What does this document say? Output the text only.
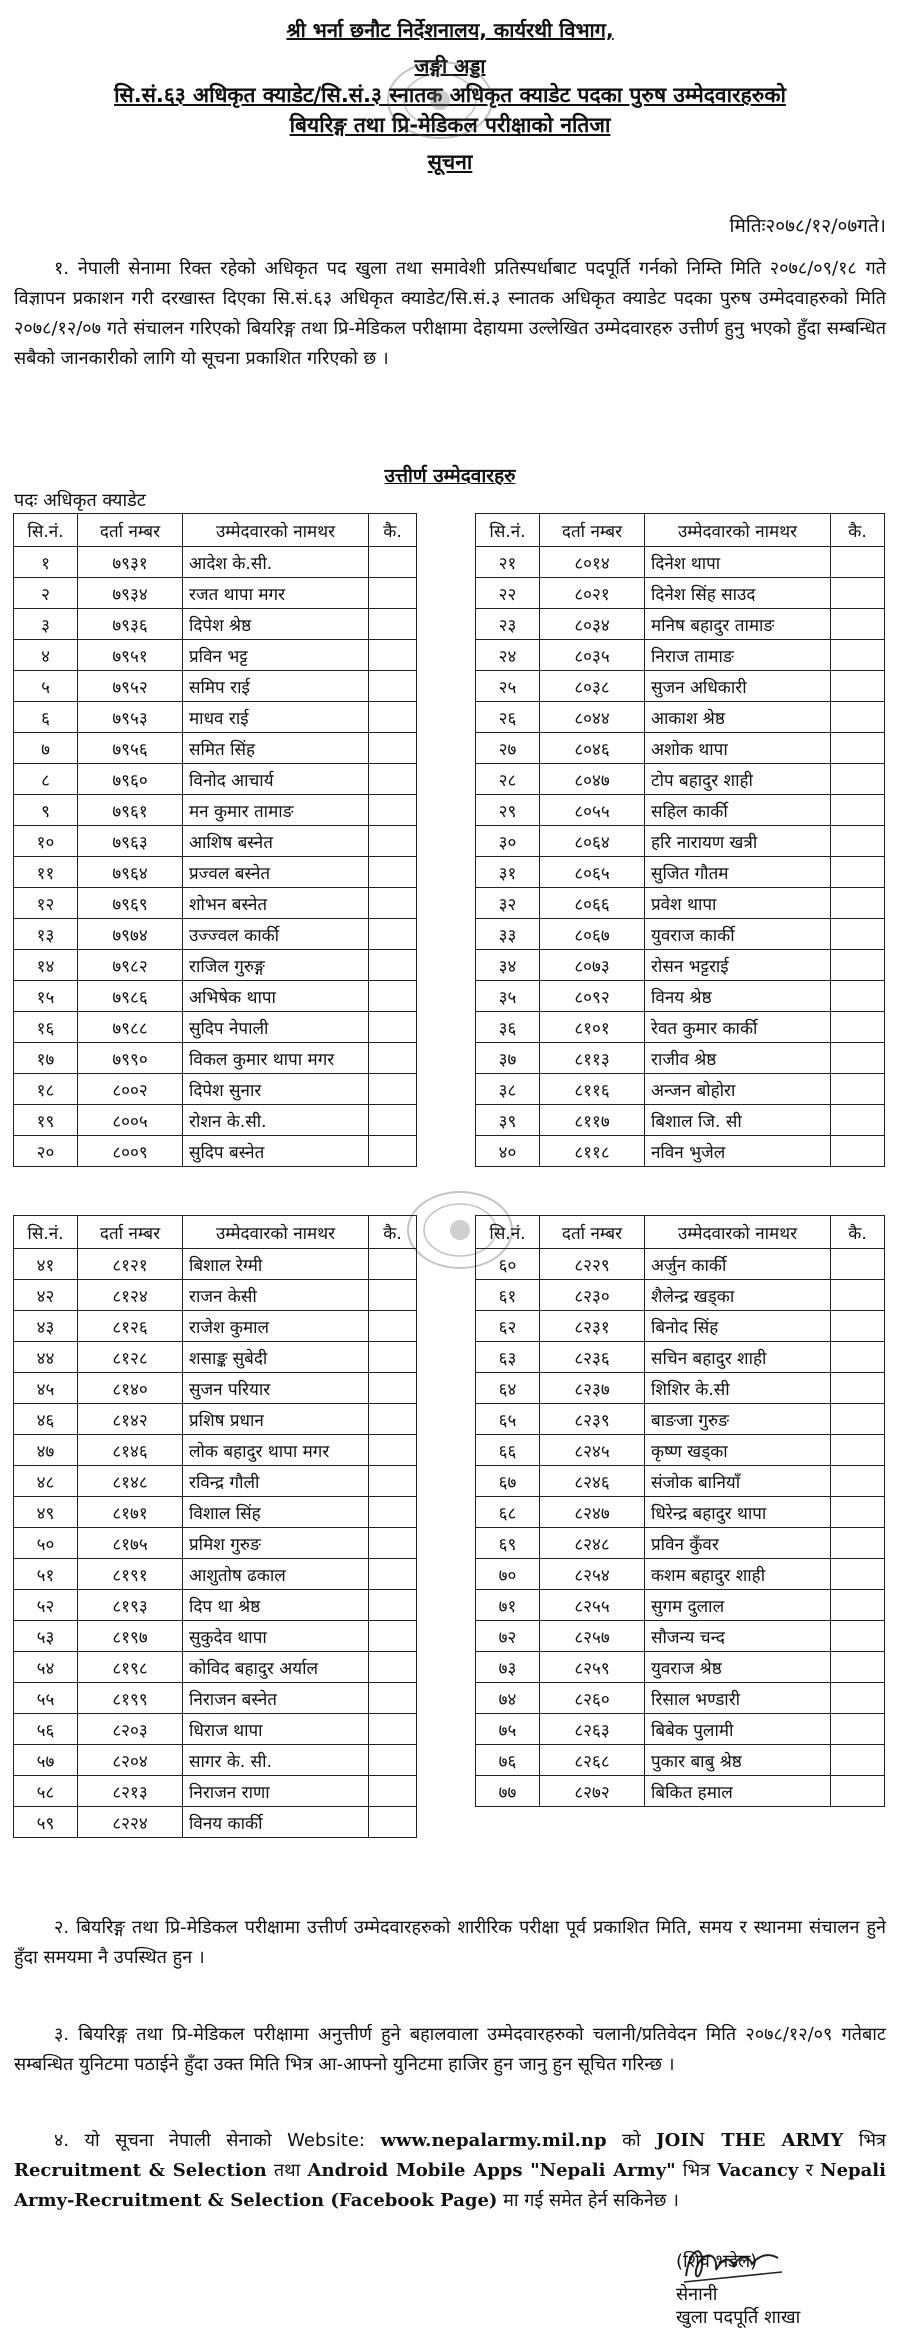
श्री भर्ना छनौट निर्देशनालय, कार्यरथी विभाग,
जङ्गी अड्डा
सि.सं.६३ अधिकृत क्याडेट/सि.सं.३ स्नातक अधिकृत क्याडेट पदका पुरुष उम्मेदवारहरुको
बियरिङ्ग तथा प्रि-मेडिकल परीक्षाको नतिजा
सूचना
मितिः२०७८/१२/०७गते।

१. नेपाली सेनामा रिक्त रहेको अधिकृत पद खुला तथा समावेशी प्रतिस्पर्धाबाट पदपूर्ति गर्नको निम्ति मिति २०७८/०९/१८ गते विज्ञापन प्रकाशन गरी दरखास्त दिएका सि.सं.६३ अधिकृत क्याडेट/सि.सं.३ स्नातक अधिकृत क्याडेट पदका पुरुष उम्मेदवाहरुको मिति २०७८/१२/०७ गते संचालन गरिएको बियरिङ्ग तथा प्रि-मेडिकल परीक्षामा देहायमा उल्लेखित उम्मेदवारहरु उत्तीर्ण हुनु भएको हुँदा सम्बन्धित सबैको जानकारीको लागि यो सूचना प्रकाशित गरिएको छ ।

उत्तीर्ण उम्मेदवारहरु
पदः अधिकृत क्याडेट
सि.नं.	दर्ता नम्बर	उम्मेदवारको नामथर	कै.
१	७९३१	आदेश के.सी.	
२	७९३४	रजत थापा मगर	
३	७९३६	दिपेश श्रेष्ठ	
४	७९५१	प्रविन भट्ट	
५	७९५२	समिप राई	
६	७९५३	माधव राई	
७	७९५६	समित सिंह	
८	७९६०	विनोद आचार्य	
९	७९६१	मन कुमार तामाङ	
१०	७९६३	आशिष बस्नेत	
११	७९६४	प्रज्वल बस्नेत	
१२	७९६९	शोभन बस्नेत	
१३	७९७४	उज्ज्वल कार्की	
१४	७९८२	राजिल गुरुङ्ग	
१५	७९८६	अभिषेक थापा	
१६	७९८८	सुदिप नेपाली	
१७	७९९०	विकल कुमार थापा मगर	
१८	८००२	दिपेश सुनार	
१९	८००५	रोशन के.सी.	
२०	८००९	सुदिप बस्नेत	
सि.नं.	दर्ता नम्बर	उम्मेदवारको नामथर	कै.
२१	८०१४	दिनेश थापा	
२२	८०२१	दिनेश सिंह साउद	
२३	८०३४	मनिष बहादुर तामाङ	
२४	८०३५	निराज तामाङ	
२५	८०३८	सुजन अधिकारी	
२६	८०४४	आकाश श्रेष्ठ	
२७	८०४६	अशोक थापा	
२८	८०४७	टोप बहादुर शाही	
२९	८०५५	सहिल कार्की	
३०	८०६४	हरि नारायण खत्री	
३१	८०६५	सुजित गौतम	
३२	८०६६	प्रवेश थापा	
३३	८०६७	युवराज कार्की	
३४	८०७३	रोसन भट्टराई	
३५	८०९२	विनय श्रेष्ठ	
३६	८१०१	रेवत कुमार कार्की	
३७	८११३	राजीव श्रेष्ठ	
३८	८११६	अन्जन बोहोरा	
३९	८११७	बिशाल जि. सी	
४०	८११८	नविन भुजेल	
सि.नं.	दर्ता नम्बर	उम्मेदवारको नामथर	कै.
४१	८१२१	बिशाल रेग्मी	
४२	८१२४	राजन केसी	
४३	८१२६	राजेश कुमाल	
४४	८१२८	शसाङ्क सुबेदी	
४५	८१४०	सुजन परियार	
४६	८१४२	प्रशिष प्रधान	
४७	८१४६	लोक बहादुर थापा मगर	
४८	८१४८	रविन्द्र गौली	
४९	८१७१	विशाल सिंह	
५०	८१७५	प्रमिश गुरुङ	
५१	८१९१	आशुतोष ढकाल	
५२	८१९३	दिप था श्रेष्ठ	
५३	८१९७	सुकुदेव थापा	
५४	८१९८	कोविद बहादुर अर्याल	
५५	८१९९	निराजन बस्नेत	
५६	८२०३	धिराज थापा	
५७	८२०४	सागर के. सी.	
५८	८२१३	निराजन राणा	
५९	८२२४	विनय कार्की	
सि.नं.	दर्ता नम्बर	उम्मेदवारको नामथर	कै.
६०	८२२९	अर्जुन कार्की	
६१	८२३०	शैलेन्द्र खड्का	
६२	८२३१	बिनोद सिंह	
६३	८२३६	सचिन बहादुर शाही	
६४	८२३७	शिशिर के.सी	
६५	८२३९	बाङजा गुरुङ	
६६	८२४५	कृष्ण खड्का	
६७	८२४६	संजोक बानियाँ	
६८	८२४७	धिरेन्द्र बहादुर थापा	
६९	८२४८	प्रविन कुँवर	
७०	८२५४	कशम बहादुर शाही	
७१	८२५५	सुगम दुलाल	
७२	८२५७	सौजन्य चन्द	
७३	८२५९	युवराज श्रेष्ठ	
७४	८२६०	रिसाल भण्डारी	
७५	८२६३	बिबेक पुलामी	
७६	८२६८	पुकार बाबु श्रेष्ठ	
७७	८२७२	बिकित हमाल	

२. बियरिङ्ग तथा प्रि-मेडिकल परीक्षामा उत्तीर्ण उम्मेदवारहरुको शारीरिक परीक्षा पूर्व प्रकाशित मिति, समय र स्थानमा संचालन हुने हुँदा समयमा नै उपस्थित हुन ।

३. बियरिङ्ग तथा प्रि-मेडिकल परीक्षामा अनुत्तीर्ण हुने बहालवाला उम्मेदवारहरुको चलानी/प्रतिवेदन मिति २०७८/१२/०९ गतेबाट सम्बन्धित युनिटमा पठाईने हुँदा उक्त मिति भित्र आ-आफ्नो युनिटमा हाजिर हुन जानु हुन सूचित गरिन्छ ।

४. यो सूचना नेपाली सेनाको Website: www.nepalarmy.mil.np को JOIN THE ARMY भित्र Recruitment & Selection तथा Android Mobile Apps "Nepali Army" भित्र Vacancy र Nepali Army-Recruitment & Selection (Facebook Page) मा गई समेत हेर्न सकिनेछ ।

(शिव भडेल)
सेनानी
खुला पदपूर्ति शाखा
